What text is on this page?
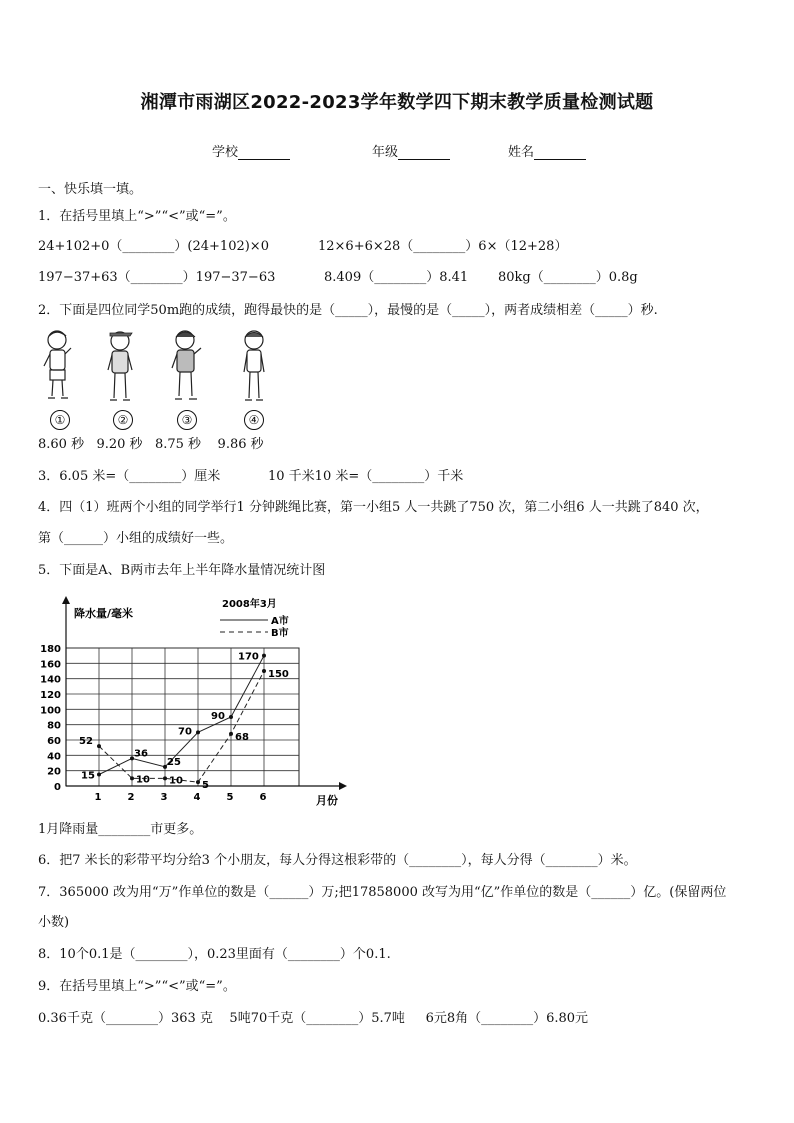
湘潭市雨湖区2022-2023学年数学四下期末教学质量检测试题
学校	年级	姓名
一、快乐填一填。
1．在括号里填上“>”“<”或“=”。
24+102+0（________）(24+102)×0	12×6+6×28（________）6×（12+28）
197−37+63（________）197−37−63	8.409（________）8.41 80kg（________）0.8g
2．下面是四位同学50m跑的成绩，跑得最快的是（_____），最慢的是（_____），两者成绩相差（_____）秒.
①	②	③	④
8.60 秒   9.20 秒   8.75 秒    9.86 秒
3．6.05 米=（________）厘米	10 千米10 米=（________）千米
4．四（1）班两个小组的同学举行1 分钟跳绳比赛，第一小组5 人一共跳了750 次，第二小组6 人一共跳了840 次，
第（______）小组的成绩好一些。
5．下面是A、B两市去年上半年降水量情况统计图
0
20
40
60
80
100
120
140
160
180
1	2	3	4	5	6
降水量/毫米
月份
2008年3月
A市
B市
15
36
25
70
90
170
52
10 10 5
68
150
1月降雨量________市更多。
6．把7 米长的彩带平均分给3 个小朋友，每人分得这根彩带的（________），每人分得（________）米。
7．365000 改为用“万”作单位的数是（______）万;把17858000 改写为用“亿”作单位的数是（______）亿。(保留两位
小数)
8．10个0.1是（________），0.23里面有（________）个0.1.
9．在括号里填上“>”“<”或“=”。
0.36千克（________）363 克    5吨70千克（________）5.7吨     6元8角（________）6.80元
